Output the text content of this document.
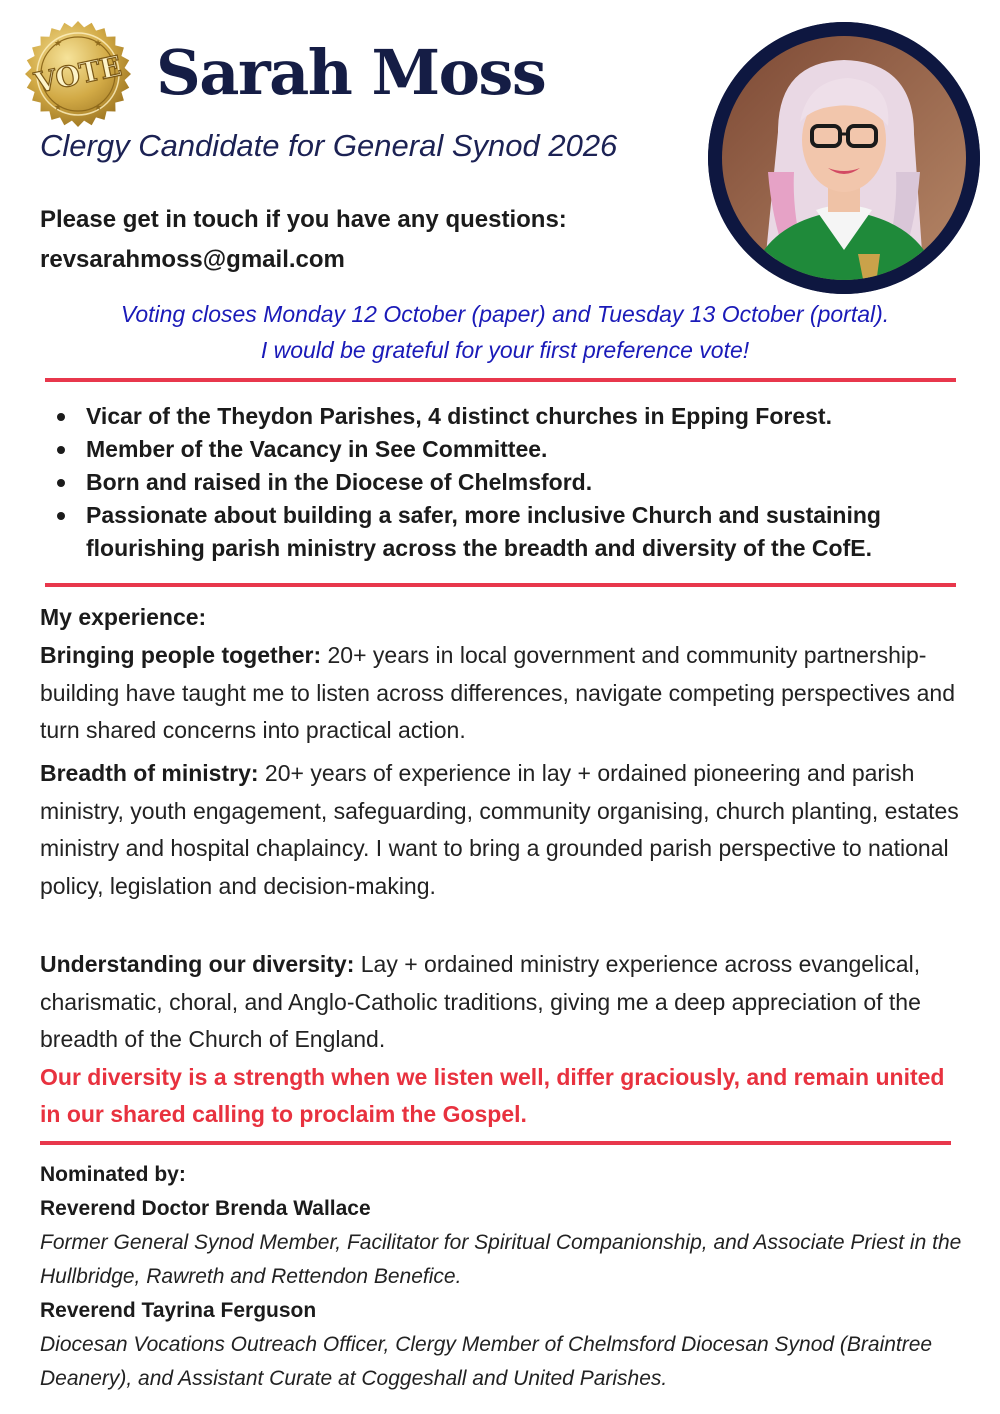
★	★
★	★
VOTE Sarah Moss
Clergy Candidate for General Synod 2026
Please get in touch if you have any questions:
revsarahmoss@gmail.com
Voting closes Monday 12 October (paper) and Tuesday 13 October (portal).
I would be grateful for your first preference vote!
Vicar of the Theydon Parishes, 4 distinct churches in Epping Forest.
Member of the Vacancy in See Committee.
Born and raised in the Diocese of Chelmsford.
Passionate about building a safer, more inclusive Church and sustaining flourishing parish ministry across the breadth and diversity of the CofE.
My experience:
Bringing people together: 20+ years in local government and community partnership-building have taught me to listen across differences, navigate competing perspectives and turn shared concerns into practical action.
Breadth of ministry: 20+ years of experience in lay + ordained pioneering and parish ministry, youth engagement, safeguarding, community organising, church planting, estates ministry and hospital chaplaincy. I want to bring a grounded parish perspective to national policy, legislation and decision-making.
Understanding our diversity: Lay + ordained ministry experience across evangelical, charismatic, choral, and Anglo-Catholic traditions, giving me a deep appreciation of the breadth of the Church of England.
Our diversity is a strength when we listen well, differ graciously, and remain united in our shared calling to proclaim the Gospel.
Nominated by:
Reverend Doctor Brenda Wallace
Former General Synod Member, Facilitator for Spiritual Companionship, and Associate Priest in the Hullbridge, Rawreth and Rettendon Benefice.
Reverend Tayrina Ferguson
Diocesan Vocations Outreach Officer, Clergy Member of Chelmsford Diocesan Synod (Braintree Deanery), and Assistant Curate at Coggeshall and United Parishes.
